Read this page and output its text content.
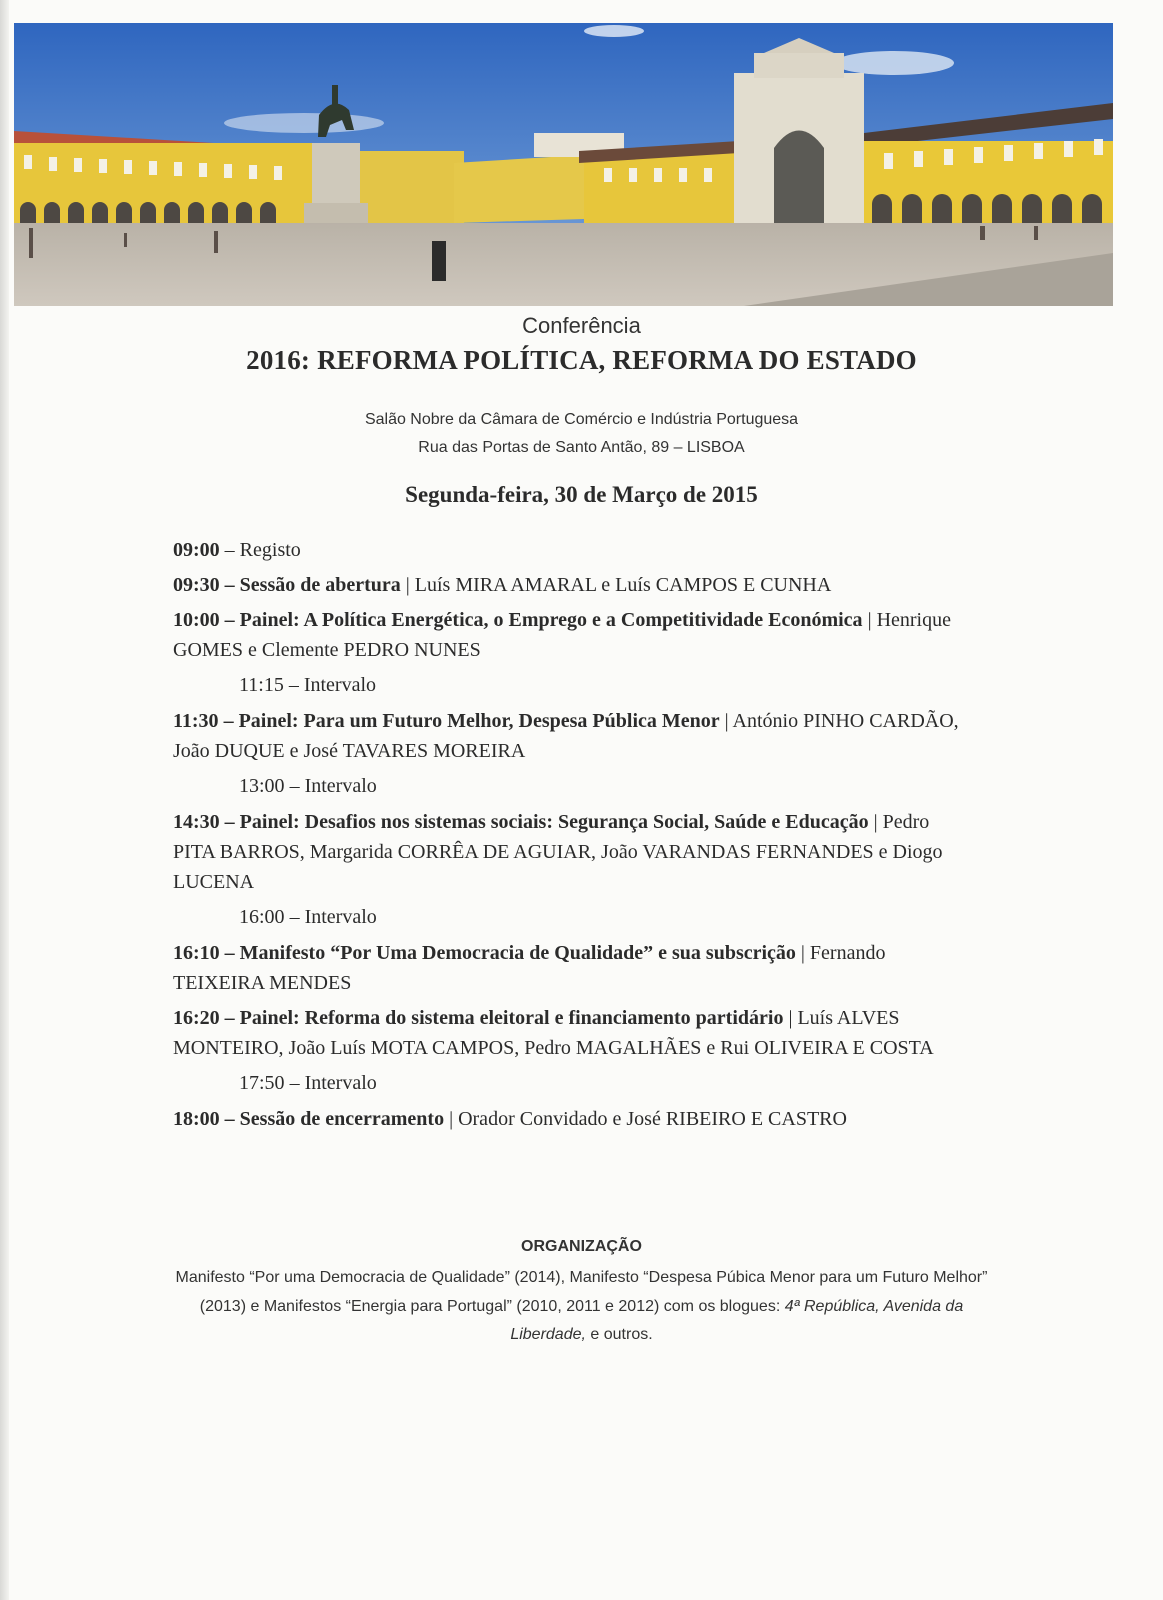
Conferência
2016: REFORMA POLÍTICA, REFORMA DO ESTADO
Salão Nobre da Câmara de Comércio e Indústria Portuguesa
Rua das Portas de Santo Antão, 89 – LISBOA
Segunda-feira, 30 de Março de 2015
09:00 – Registo
09:30 – Sessão de abertura | Luís MIRA AMARAL e Luís CAMPOS E CUNHA
10:00 – Painel: A Política Energética, o Emprego e a Competitividade Económica | Henrique GOMES e Clemente PEDRO NUNES
11:15 – Intervalo
11:30 – Painel: Para um Futuro Melhor, Despesa Pública Menor | António PINHO CARDÃO, João DUQUE e José TAVARES MOREIRA
13:00 – Intervalo
14:30 – Painel: Desafios nos sistemas sociais: Segurança Social, Saúde e Educação | Pedro PITA BARROS, Margarida CORRÊA DE AGUIAR, João VARANDAS FERNANDES e Diogo LUCENA
16:00 – Intervalo
16:10 – Manifesto “Por Uma Democracia de Qualidade” e sua subscrição | Fernando TEIXEIRA MENDES
16:20 – Painel: Reforma do sistema eleitoral e financiamento partidário | Luís ALVES MONTEIRO, João Luís MOTA CAMPOS, Pedro MAGALHÃES e Rui OLIVEIRA E COSTA
17:50 – Intervalo
18:00 – Sessão de encerramento | Orador Convidado e José RIBEIRO E CASTRO
ORGANIZAÇÃO
Manifesto “Por uma Democracia de Qualidade” (2014), Manifesto “Despesa Púbica Menor para um Futuro Melhor” (2013) e Manifestos “Energia para Portugal” (2010, 2011 e 2012) com os blogues: 4ª República, Avenida da Liberdade, e outros.
